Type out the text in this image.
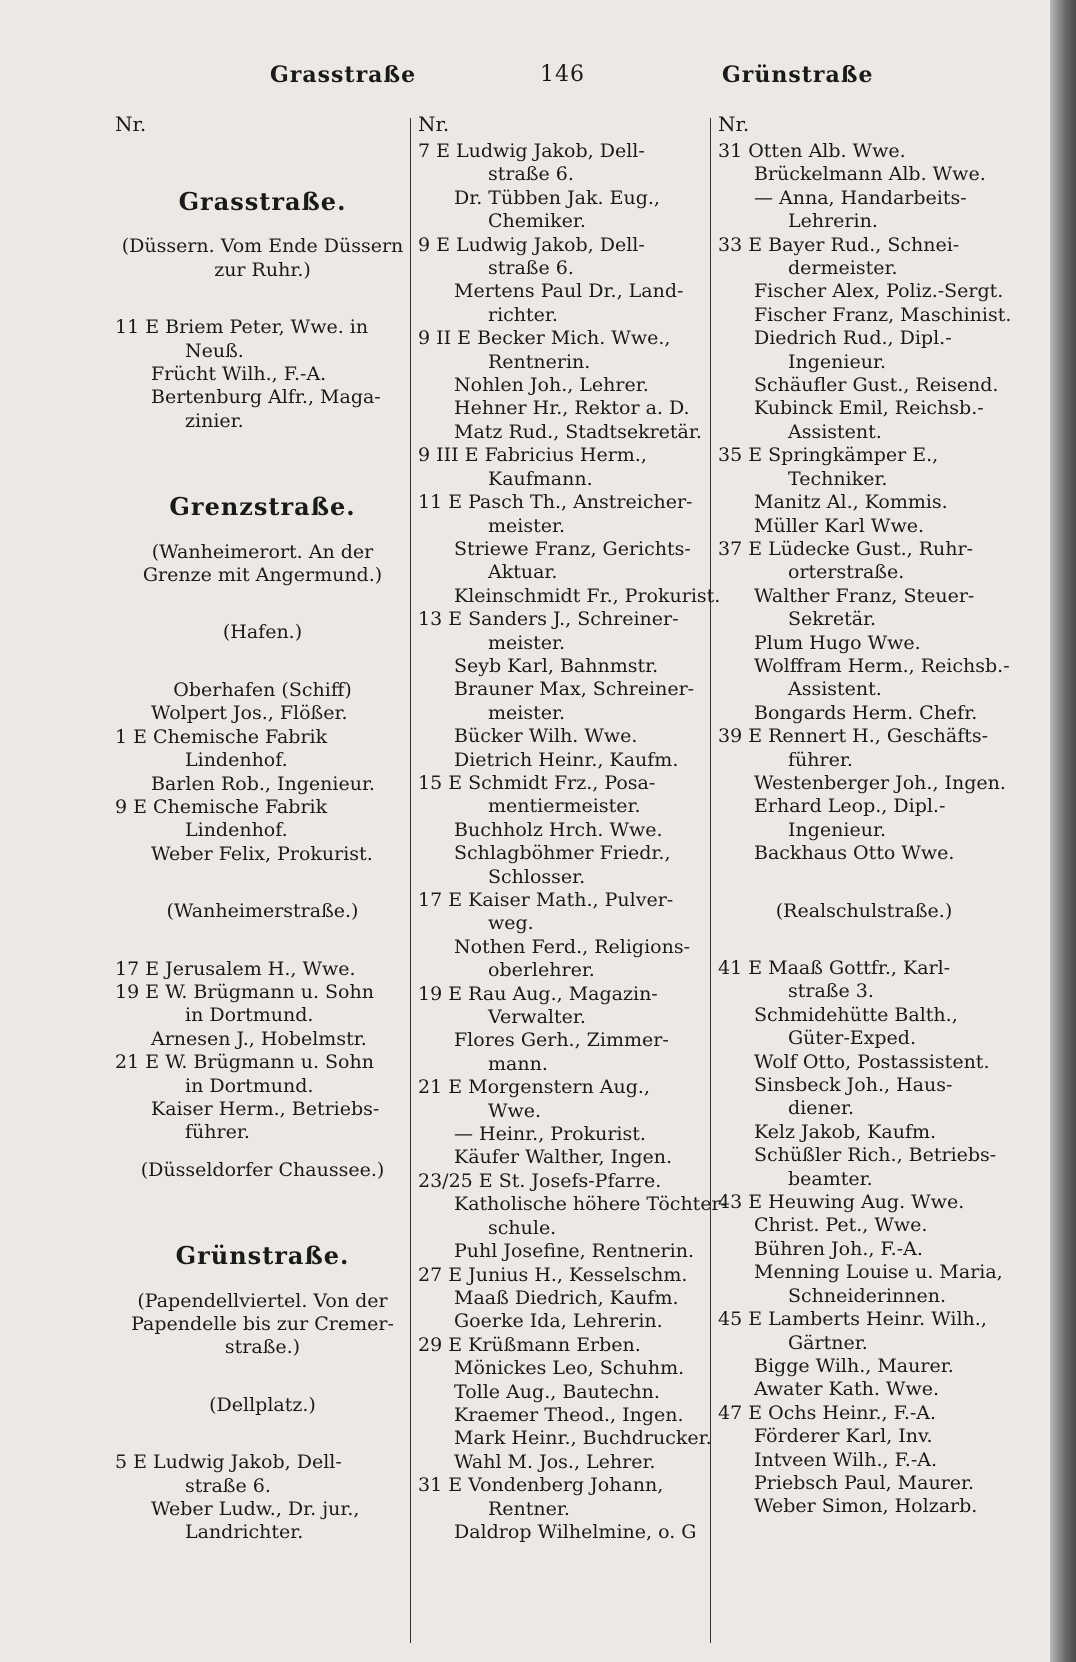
Grasstraße	146	Grünstraße
Nr.	Nr.	Nr.
Grasstraße.
(Düssern. Vom Ende Düssern
zur Ruhr.)
11 E Briem Peter, Wwe. in
Neuß.
Frücht Wilh., F.-A.
Bertenburg Alfr., Maga-
zinier.
Grenzstraße.
(Wanheimerort. An der
Grenze mit Angermund.)
(Hafen.)
Oberhafen (Schiff)
Wolpert Jos., Flößer.
1 E Chemische Fabrik
Lindenhof.
Barlen Rob., Ingenieur.
9 E Chemische Fabrik
Lindenhof.
Weber Felix, Prokurist.
(Wanheimerstraße.)
17 E Jerusalem H., Wwe.
19 E W. Brügmann u. Sohn
in Dortmund.
Arnesen J., Hobelmstr.
21 E W. Brügmann u. Sohn
in Dortmund.
Kaiser Herm., Betriebs-
führer.
(Düsseldorfer Chaussee.)
Grünstraße.
(Papendellviertel. Von der
Papendelle bis zur Cremer-
straße.)
(Dellplatz.)
5 E Ludwig Jakob, Dell-
straße 6.
Weber Ludw., Dr. jur.,
Landrichter.
7 E Ludwig Jakob, Dell-
straße 6.
Dr. Tübben Jak. Eug.,
Chemiker.
9 E Ludwig Jakob, Dell-
straße 6.
Mertens Paul Dr., Land-
richter.
9 II E Becker Mich. Wwe.,
Rentnerin.
Nohlen Joh., Lehrer.
Hehner Hr., Rektor a. D.
Matz Rud., Stadtsekretär.
9 III E Fabricius Herm.,
Kaufmann.
11 E Pasch Th., Anstreicher-
meister.
Striewe Franz, Gerichts-
Aktuar.
Kleinschmidt Fr., Prokurist.
13 E Sanders J., Schreiner-
meister.
Seyb Karl, Bahnmstr.
Brauner Max, Schreiner-
meister.
Bücker Wilh. Wwe.
Dietrich Heinr., Kaufm.
15 E Schmidt Frz., Posa-
mentiermeister.
Buchholz Hrch. Wwe.
Schlagböhmer Friedr.,
Schlosser.
17 E Kaiser Math., Pulver-
weg.
Nothen Ferd., Religions-
oberlehrer.
19 E Rau Aug., Magazin-
Verwalter.
Flores Gerh., Zimmer-
mann.
21 E Morgenstern Aug.,
Wwe.
— Heinr., Prokurist.
Käufer Walther, Ingen.
23/25 E St. Josefs-Pfarre.
Katholische höhere Töchter-
schule.
Puhl Josefine, Rentnerin.
27 E Junius H., Kesselschm.
Maaß Diedrich, Kaufm.
Goerke Ida, Lehrerin.
29 E Krüßmann Erben.
Mönickes Leo, Schuhm.
Tolle Aug., Bautechn.
Kraemer Theod., Ingen.
Mark Heinr., Buchdrucker.
Wahl M. Jos., Lehrer.
31 E Vondenberg Johann,
Rentner.
Daldrop Wilhelmine, o. G
31 Otten Alb. Wwe.
Brückelmann Alb. Wwe.
— Anna, Handarbeits-
Lehrerin.
33 E Bayer Rud., Schnei-
dermeister.
Fischer Alex, Poliz.-Sergt.
Fischer Franz, Maschinist.
Diedrich Rud., Dipl.-
Ingenieur.
Schäufler Gust., Reisend.
Kubinck Emil, Reichsb.-
Assistent.
35 E Springkämper E.,
Techniker.
Manitz Al., Kommis.
Müller Karl Wwe.
37 E Lüdecke Gust., Ruhr-
orterstraße.
Walther Franz, Steuer-
Sekretär.
Plum Hugo Wwe.
Wolffram Herm., Reichsb.-
Assistent.
Bongards Herm. Chefr.
39 E Rennert H., Geschäfts-
führer.
Westenberger Joh., Ingen.
Erhard Leop., Dipl.-
Ingenieur.
Backhaus Otto Wwe.
(Realschulstraße.)
41 E Maaß Gottfr., Karl-
straße 3.
Schmidehütte Balth.,
Güter-Exped.
Wolf Otto, Postassistent.
Sinsbeck Joh., Haus-
diener.
Kelz Jakob, Kaufm.
Schüßler Rich., Betriebs-
beamter.
43 E Heuwing Aug. Wwe.
Christ. Pet., Wwe.
Bühren Joh., F.-A.
Menning Louise u. Maria,
Schneiderinnen.
45 E Lamberts Heinr. Wilh.,
Gärtner.
Bigge Wilh., Maurer.
Awater Kath. Wwe.
47 E Ochs Heinr., F.-A.
Förderer Karl, Inv.
Intveen Wilh., F.-A.
Priebsch Paul, Maurer.
Weber Simon, Holzarb.
